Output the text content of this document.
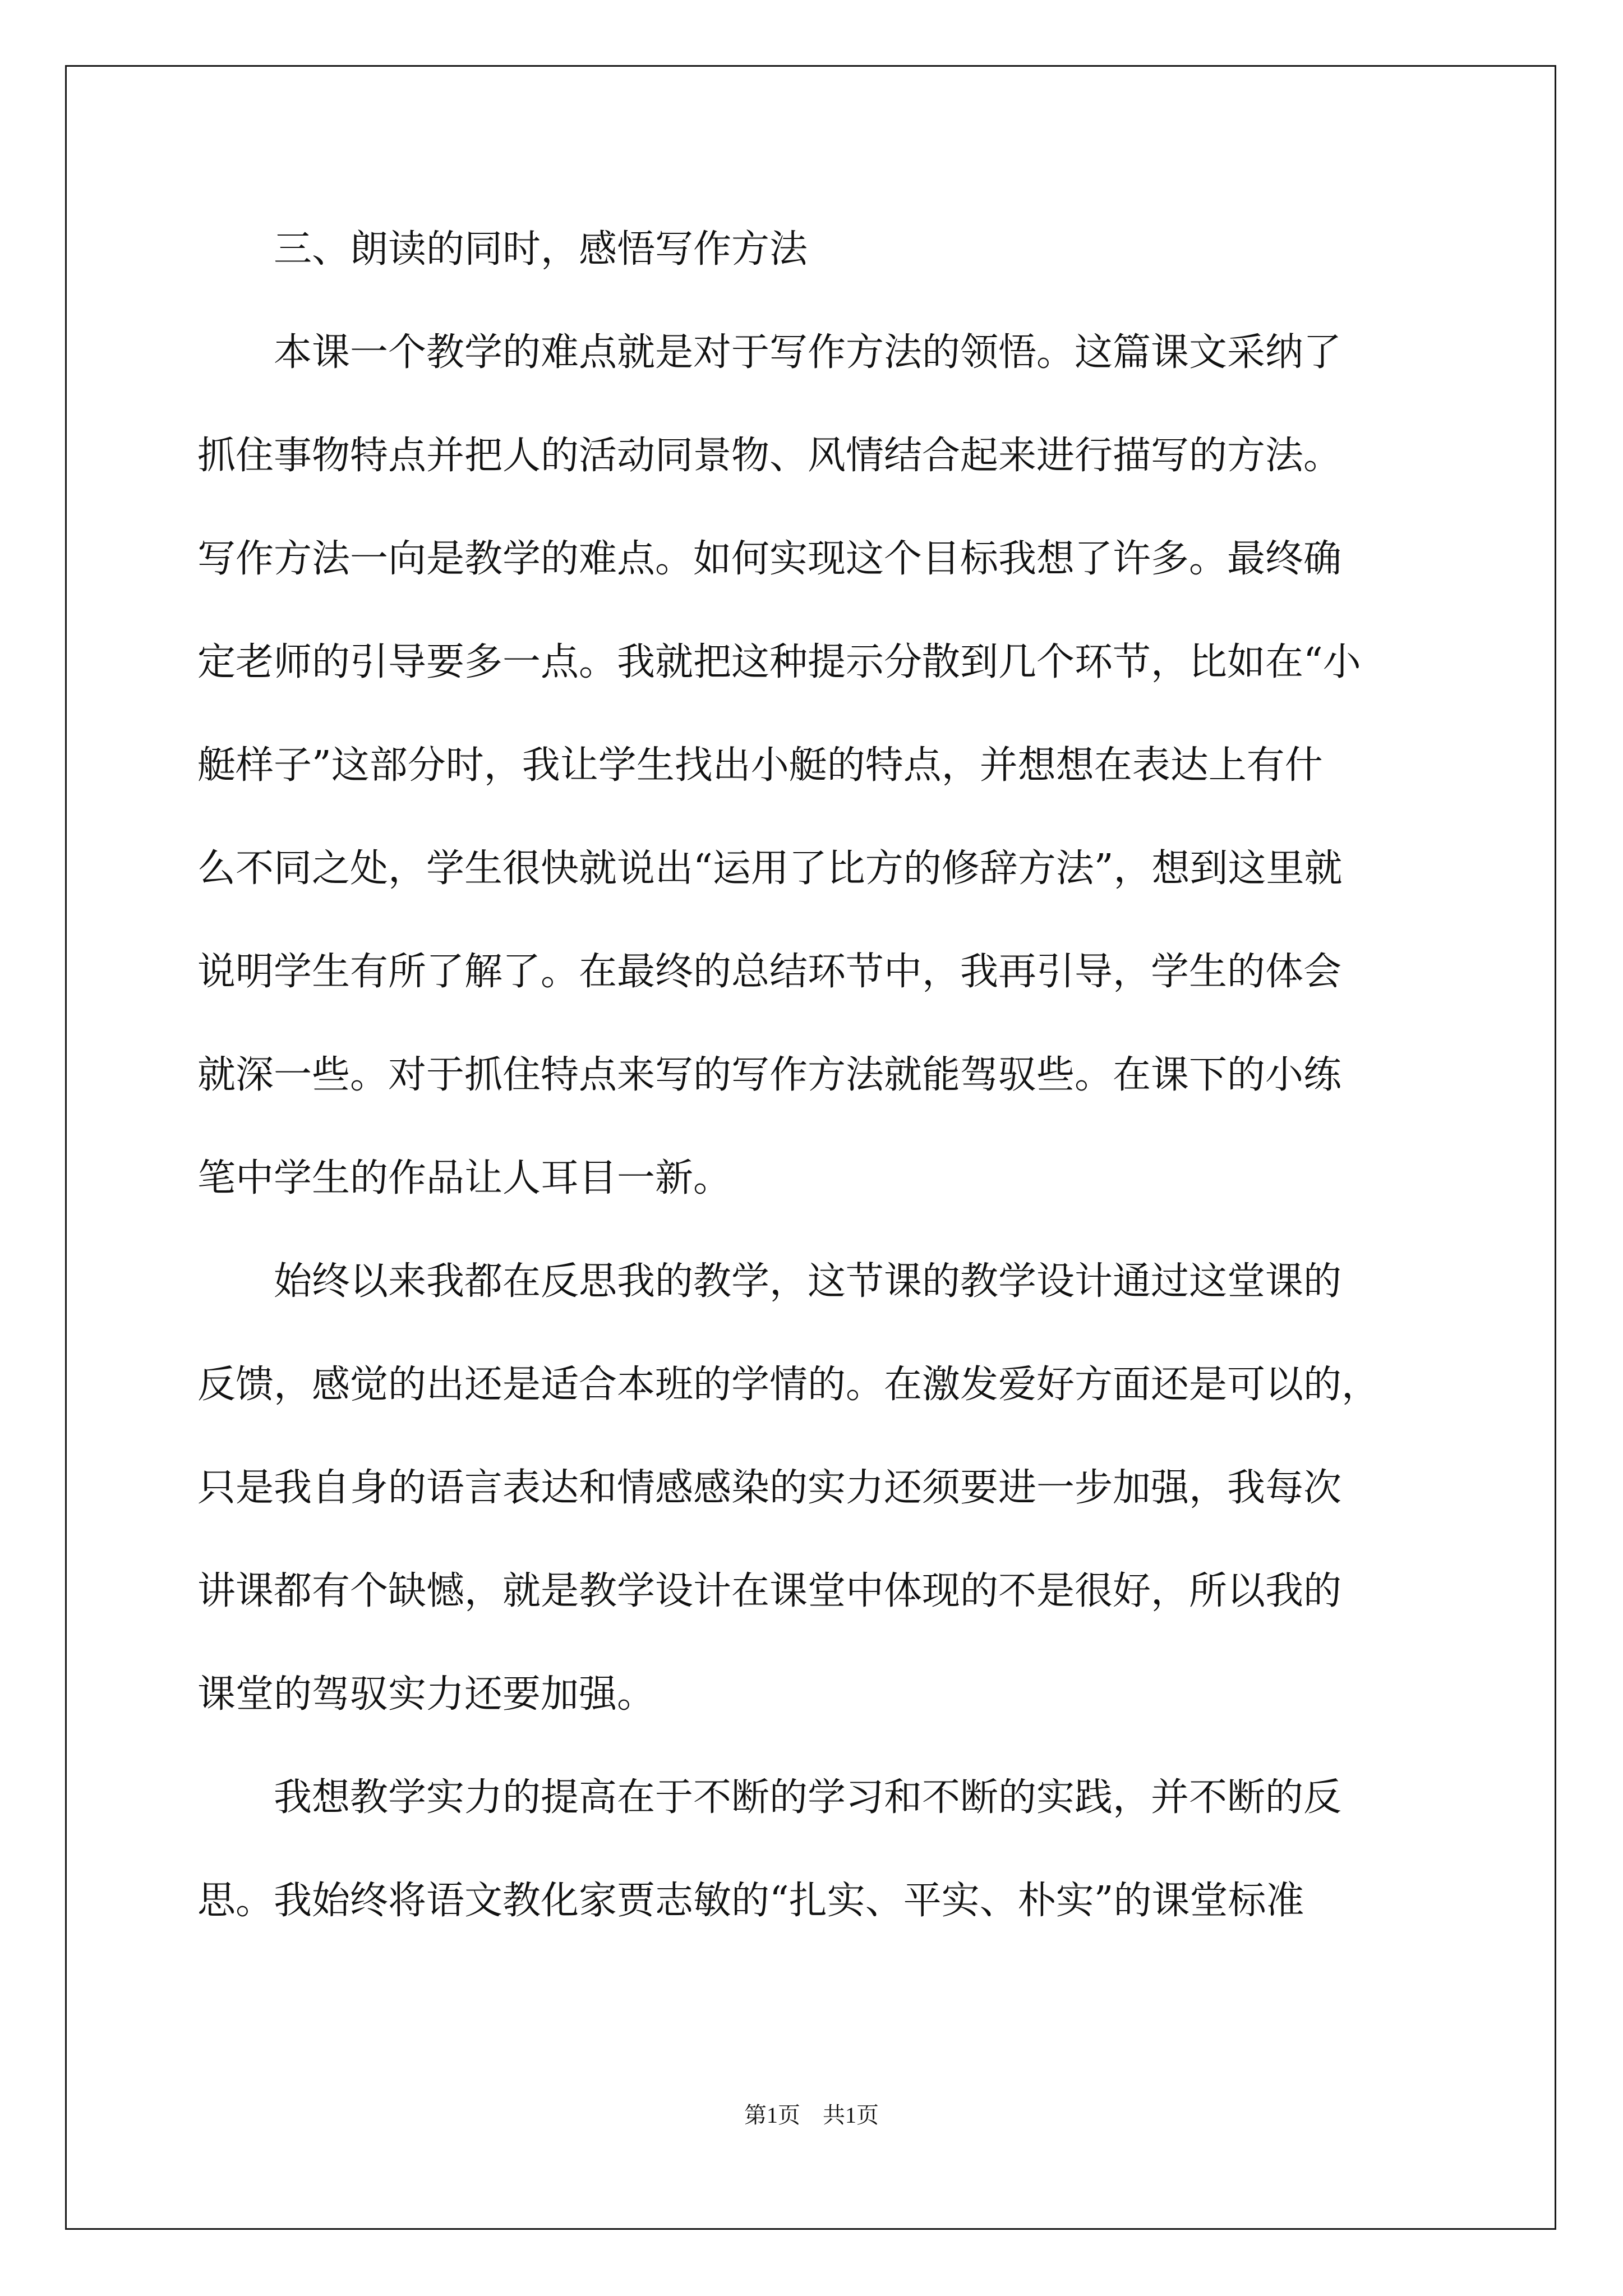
　　三、朗读的同时，感悟写作方法
　　本课一个教学的难点就是对于写作方法的领悟。这篇课文采纳了
抓住事物特点并把人的活动同景物、风情结合起来进行描写的方法。
写作方法一向是教学的难点。如何实现这个目标我想了许多。最终确
定老师的引导要多一点。我就把这种提示分散到几个环节，比如在“小
艇样子”这部分时，我让学生找出小艇的特点，并想想在表达上有什
么不同之处，学生很快就说出“运用了比方的修辞方法”，想到这里就
说明学生有所了解了。在最终的总结环节中，我再引导，学生的体会
就深一些。对于抓住特点来写的写作方法就能驾驭些。在课下的小练
笔中学生的作品让人耳目一新。
　　始终以来我都在反思我的教学，这节课的教学设计通过这堂课的
反馈，感觉的出还是适合本班的学情的。在激发爱好方面还是可以的，
只是我自身的语言表达和情感感染的实力还须要进一步加强，我每次
讲课都有个缺憾，就是教学设计在课堂中体现的不是很好，所以我的
课堂的驾驭实力还要加强。
　　我想教学实力的提高在于不断的学习和不断的实践，并不断的反
思。我始终将语文教化家贾志敏的“扎实、平实、朴实”的课堂标准
第1页　共1页
